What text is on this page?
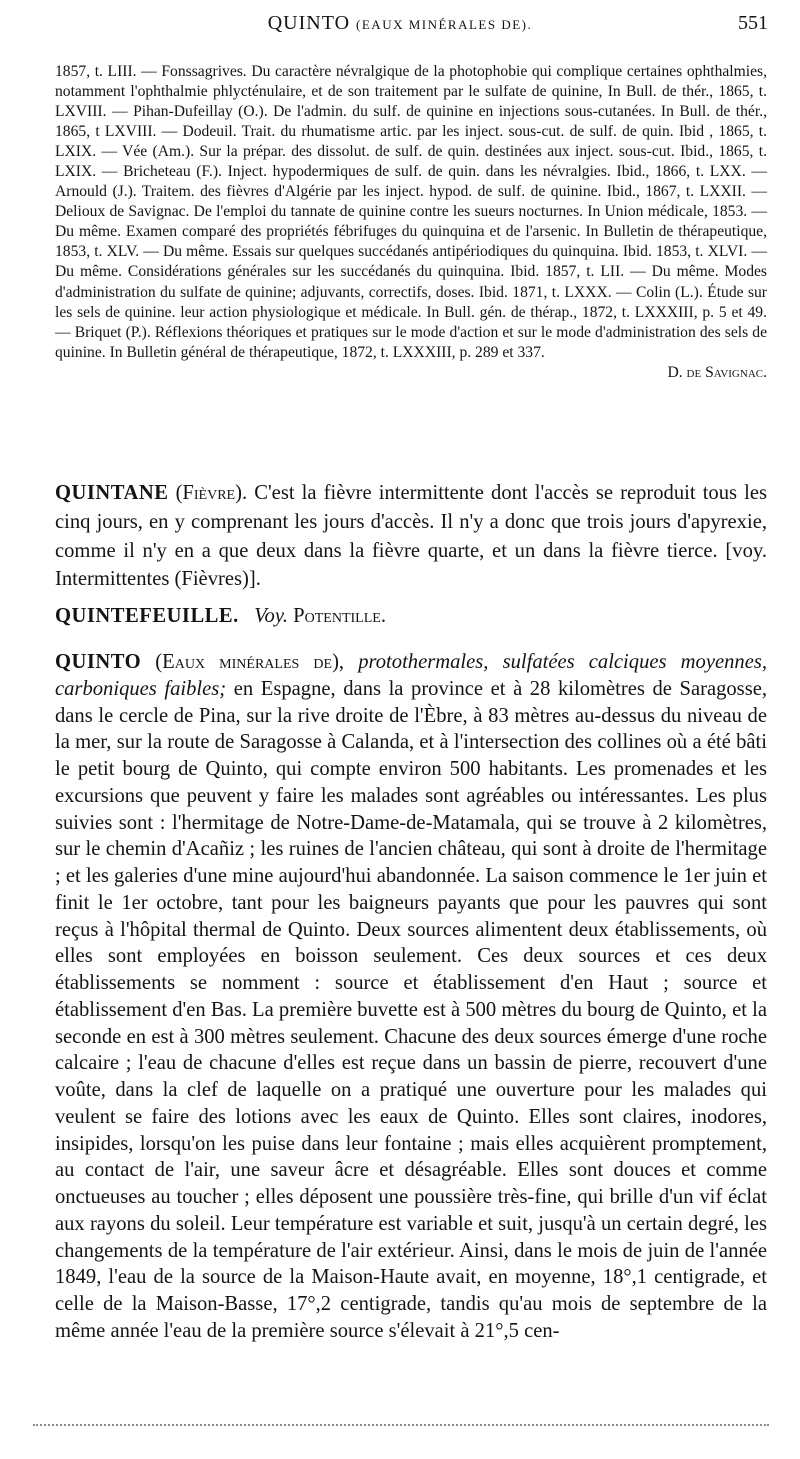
QUINTO (EAUX MINÉRALES DE).	551
1857, t. LIII. — Fonssagrives. Du caractère névralgique de la photophobie qui complique certaines ophthalmies, notamment l'ophthalmie phlycténulaire, et de son traitement par le sulfate de quinine, In Bull. de thér., 1865, t. LXVIII. — Pihan-Dufeillay (O.). De l'admin. du sulf. de quinine en injections sous-cutanées. In Bull. de thér., 1865, t LXVIII. — Dodeuil. Trait. du rhumatisme artic. par les inject. sous-cut. de sulf. de quin. Ibid , 1865, t. LXIX. — Vée (Am.). Sur la prépar. des dissolut. de sulf. de quin. destinées aux inject. sous-cut. Ibid., 1865, t. LXIX. — Bricheteau (F.). Inject. hypodermiques de sulf. de quin. dans les névralgies. Ibid., 1866, t. LXX. — Arnould (J.). Traitem. des fièvres d'Algérie par les inject. hypod. de sulf. de quinine. Ibid., 1867, t. LXXII. — Delioux de Savignac. De l'emploi du tannate de quinine contre les sueurs nocturnes. In Union médicale, 1853. — Du même. Examen comparé des propriétés fébrifuges du quinquina et de l'arsenic. In Bulletin de thérapeutique, 1853, t. XLV. — Du même. Essais sur quelques succédanés antipériodiques du quinquina. Ibid. 1853, t. XLVI. — Du même. Considérations générales sur les succédanés du quinquina. Ibid. 1857, t. LII. — Du même. Modes d'administration du sulfate de quinine; adjuvants, correctifs, doses. Ibid. 1871, t. LXXX. — Colin (L.). Étude sur les sels de quinine. leur action physiologique et médicale. In Bull. gén. de thérap., 1872, t. LXXXIII, p. 5 et 49. — Briquet (P.). Réflexions théoriques et pratiques sur le mode d'action et sur le mode d'administration des sels de quinine. In Bulletin général de thérapeutique, 1872, t. LXXXIII, p. 289 et 337.
D. de Savignac.
QUINTANE (Fièvre). C'est la fièvre intermittente dont l'accès se reproduit tous les cinq jours, en y comprenant les jours d'accès. Il n'y a donc que trois jours d'apyrexie, comme il n'y en a que deux dans la fièvre quarte, et un dans la fièvre tierce. [voy. Intermittentes (Fièvres)].
QUINTEFEUILLE. Voy. Potentille.
QUINTO (Eaux minérales de), protothermales, sulfatées calciques moyennes, carboniques faibles; en Espagne, dans la province et à 28 kilomètres de Saragosse, dans le cercle de Pina, sur la rive droite de l'Èbre, à 83 mètres au-dessus du niveau de la mer, sur la route de Saragosse à Calanda, et à l'intersection des collines où a été bâti le petit bourg de Quinto, qui compte environ 500 habitants. Les promenades et les excursions que peuvent y faire les malades sont agréables ou intéressantes. Les plus suivies sont : l'hermitage de Notre-Dame-de-Matamala, qui se trouve à 2 kilomètres, sur le chemin d'Acañiz ; les ruines de l'ancien château, qui sont à droite de l'hermitage ; et les galeries d'une mine aujourd'hui abandonnée. La saison commence le 1er juin et finit le 1er octobre, tant pour les baigneurs payants que pour les pauvres qui sont reçus à l'hôpital thermal de Quinto. Deux sources alimentent deux établissements, où elles sont employées en boisson seulement. Ces deux sources et ces deux établissements se nomment : source et établissement d'en Haut ; source et établissement d'en Bas. La première buvette est à 500 mètres du bourg de Quinto, et la seconde en est à 300 mètres seulement. Chacune des deux sources émerge d'une roche calcaire ; l'eau de chacune d'elles est reçue dans un bassin de pierre, recouvert d'une voûte, dans la clef de laquelle on a pratiqué une ouverture pour les malades qui veulent se faire des lotions avec les eaux de Quinto. Elles sont claires, inodores, insipides, lorsqu'on les puise dans leur fontaine ; mais elles acquièrent promptement, au contact de l'air, une saveur âcre et désagréable. Elles sont douces et comme onctueuses au toucher ; elles déposent une poussière très-fine, qui brille d'un vif éclat aux rayons du soleil. Leur température est variable et suit, jusqu'à un certain degré, les changements de la température de l'air extérieur. Ainsi, dans le mois de juin de l'année 1849, l'eau de la source de la Maison-Haute avait, en moyenne, 18°,1 centigrade, et celle de la Maison-Basse, 17°,2 centigrade, tandis qu'au mois de septembre de la même année l'eau de la première source s'élevait à 21°,5 cen-
